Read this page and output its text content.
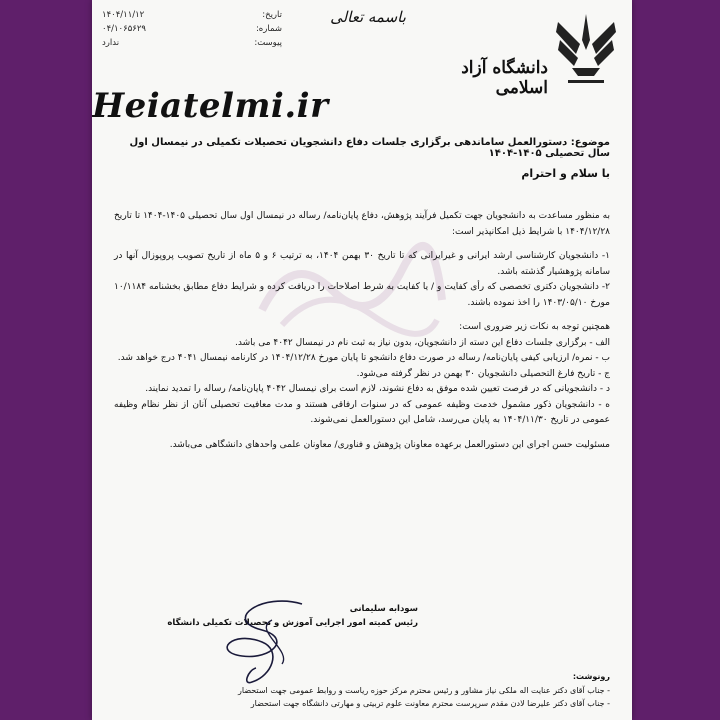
تاریخ:
۱۴۰۴/۱۱/۱۲
شماره:
۰۴/۱۰۶۵۶۲۹
پیوست:
ندارد
باسمه تعالی
دانشگاه آزاد اسلامی
Heiatelmi.ir
موضوع: دستورالعمل ساماندهی برگزاری جلسات دفاع دانشجویان تحصیلات تکمیلی در نیمسال اول سال تحصیلی ۱۴۰۵-۱۴۰۴
با سلام و احترام

به منظور مساعدت به دانشجویان جهت تکمیل فرآیند پژوهش، دفاع پایان‌نامه/ رساله در نیمسال اول سال تحصیلی ۱۴۰۵-۱۴۰۴ تا تاریخ ۱۴۰۴/۱۲/۲۸ با شرایط ذیل امکانپذیر است:

۱- دانشجویان کارشناسی ارشد ایرانی و غیرایرانی که تا تاریخ ۳۰ بهمن ۱۴۰۴، به ترتیب ۶ و ۵ ماه از تاریخ تصویب پروپوزال آنها در سامانه پژوهشیار گذشته باشد.

۲- دانشجویان دکتری تخصصی که رأی کفایت و / یا کفایت به شرط اصلاحات را دریافت کرده و شرایط دفاع مطابق بخشنامه ۱۰/۱۱۸۴ مورخ ۱۴۰۳/۰۵/۱۰ را اخذ نموده باشند.

همچنین توجه به نکات زیر ضروری است:

الف - برگزاری جلسات دفاع این دسته از دانشجویان، بدون نیاز به ثبت نام در نیمسال ۴۰۴۲ می باشد.

ب - نمره/ ارزیابی کیفی پایان‌نامه/ رساله در صورت دفاع دانشجو تا پایان مورخ ۱۴۰۴/۱۲/۲۸ در کارنامه نیمسال ۴۰۴۱ درج خواهد شد.

ج - تاریخ فارغ التحصیلی دانشجویان ۳۰ بهمن در نظر گرفته می‌شود.

د - دانشجویانی که در فرصت تعیین شده موفق به دفاع نشوند، لازم است برای نیمسال ۴۰۴۲ پایان‌نامه/ رساله را تمدید نمایند.

ه - دانشجویان ذکور مشمول خدمت وظیفه عمومی که در سنوات ارفاقی هستند و مدت معافیت تحصیلی آنان از نظر نظام وظیفه عمومی در تاریخ ۱۴۰۴/۱۱/۳۰ به پایان می‌رسد، شامل این دستورالعمل نمی‌شوند.

مسئولیت حسن اجرای این دستورالعمل برعهده معاونان پژوهش و فناوری/ معاونان علمی واحدهای دانشگاهی می‌باشد.

سودابه سلیمانی
رئیس کمیته امور اجرایی آموزش و تحصیلات تکمیلی دانشگاه
رونوشت:
- جناب آقای دکتر عنایت اله ملکی نیاز مشاور و رئیس محترم مرکز حوزه ریاست و روابط عمومی جهت استحضار
- جناب آقای دکتر علیرضا لادن مقدم سرپرست محترم معاونت علوم تربیتی و مهارتی دانشگاه جهت استحضار
